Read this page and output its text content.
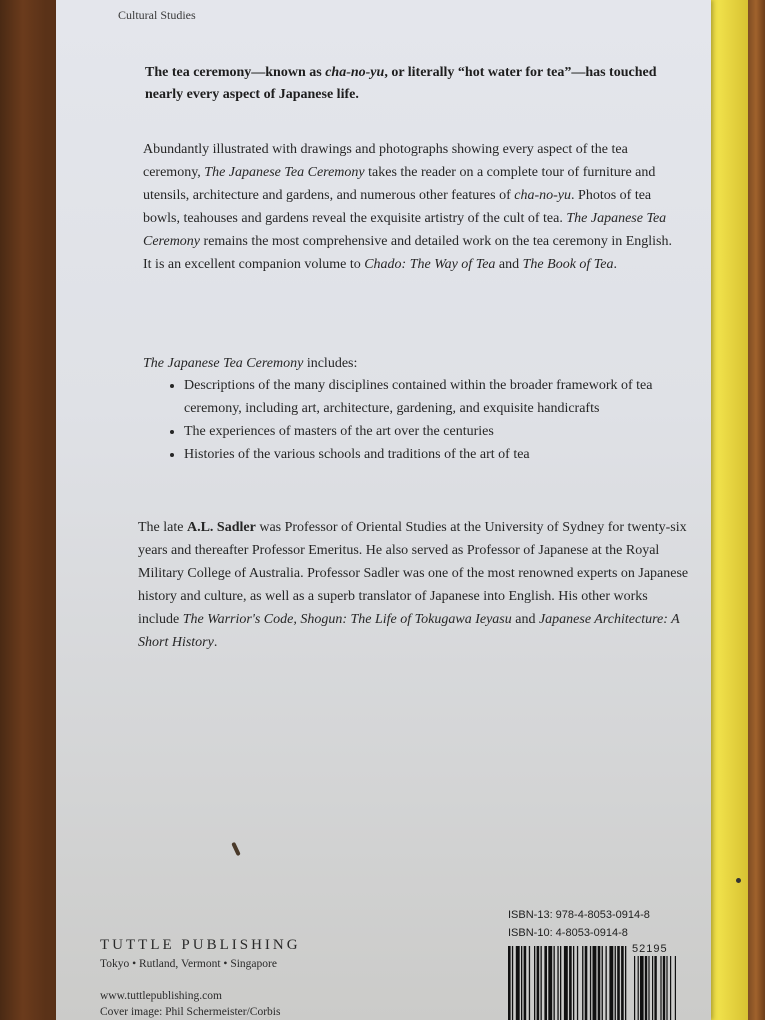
Cultural Studies
The tea ceremony—known as cha-no-yu, or literally “hot water for tea”—has touched nearly every aspect of Japanese life.
Abundantly illustrated with drawings and photographs showing every aspect of the tea ceremony, The Japanese Tea Ceremony takes the reader on a complete tour of furniture and utensils, architecture and gardens, and numerous other features of cha-no-yu. Photos of tea bowls, teahouses and gardens reveal the exquisite artistry of the cult of tea. The Japanese Tea Ceremony remains the most comprehensive and detailed work on the tea ceremony in English. It is an excellent companion volume to Chado: The Way of Tea and The Book of Tea.
The Japanese Tea Ceremony includes:
• Descriptions of the many disciplines contained within the broader framework of tea ceremony, including art, architecture, gardening, and exquisite handicrafts
• The experiences of masters of the art over the centuries
• Histories of the various schools and traditions of the art of tea
The late A.L. Sadler was Professor of Oriental Studies at the University of Sydney for twenty-six years and thereafter Professor Emeritus. He also served as Professor of Japanese at the Royal Military College of Australia. Professor Sadler was one of the most renowned experts on Japanese history and culture, as well as a superb translator of Japanese into English. His other works include The Warrior's Code, Shogun: The Life of Tokugawa Ieyasu and Japanese Architecture: A Short History.
TUTTLE PUBLISHING
Tokyo • Rutland, Vermont • Singapore
www.tuttlepublishing.com
Cover image: Phil Schermeister/Corbis
ISBN-13: 978-4-8053-0914-8
ISBN-10: 4-8053-0914-8
52195
